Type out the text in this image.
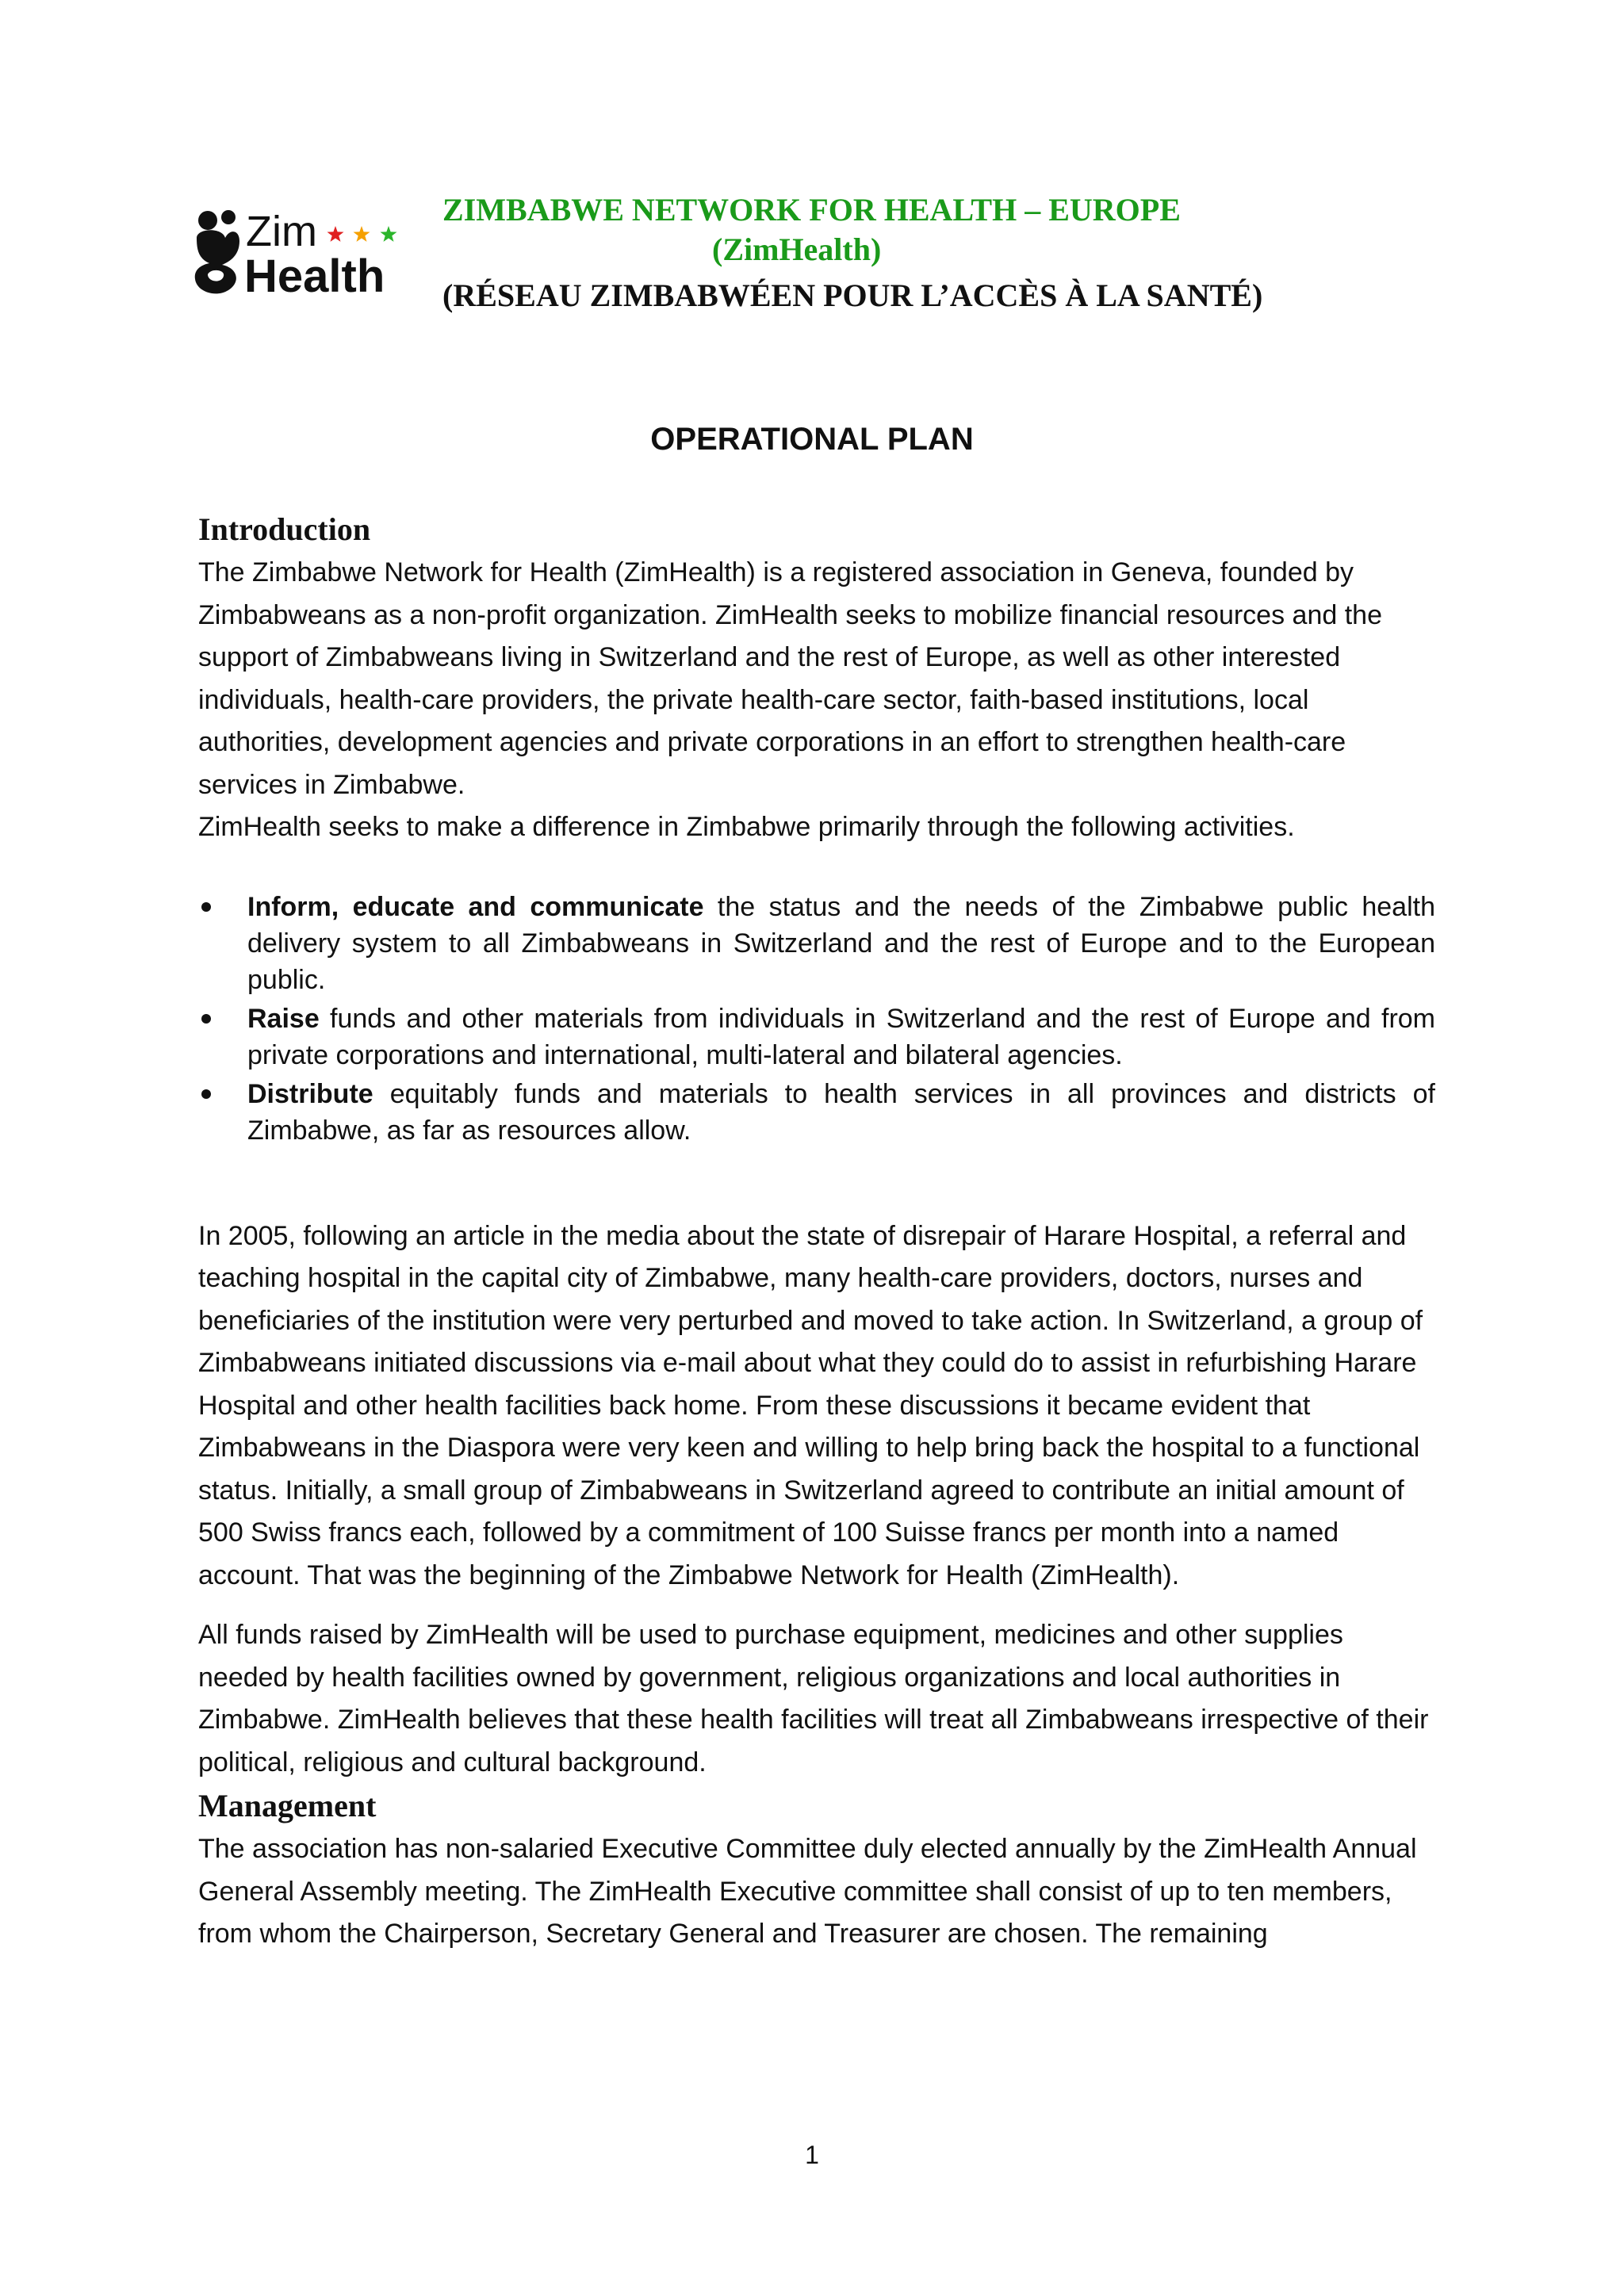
Zim
Health
ZIMBABWE NETWORK FOR HEALTH – EUROPE
(ZimHealth)
(RÉSEAU ZIMBABWÉEN POUR L’ACCÈS À LA SANTÉ)
OPERATIONAL PLAN
Introduction

The Zimbabwe Network for Health (ZimHealth) is a registered association in Geneva, founded by Zimbabweans as a non-profit organization. ZimHealth seeks to mobilize financial resources and the support of Zimbabweans living in Switzerland and the rest of Europe, as well as other interested individuals, health-care providers, the private health-care sector, faith-based institutions, local authorities, development agencies and private corporations in an effort to strengthen health-care services in Zimbabwe.

ZimHealth seeks to make a difference in Zimbabwe primarily through the following activities.

Inform, educate and communicate the status and the needs of the Zimbabwe public health delivery system to all Zimbabweans in Switzerland and the rest of Europe and to the European public.
Raise funds and other materials from individuals in Switzerland and the rest of Europe and from private corporations and international, multi-lateral and bilateral agencies.
Distribute equitably funds and materials to health services in all provinces and districts of Zimbabwe, as far as resources allow.

In 2005, following an article in the media about the state of disrepair of Harare Hospital, a referral and teaching hospital in the capital city of Zimbabwe, many health-care providers, doctors, nurses and beneficiaries of the institution were very perturbed and moved to take action. In Switzerland, a group of Zimbabweans initiated discussions via e-mail about what they could do to assist in refurbishing Harare Hospital and other health facilities back home. From these discussions it became evident that Zimbabweans in the Diaspora were very keen and willing to help bring back the hospital to a functional status. Initially, a small group of Zimbabweans in Switzerland agreed to contribute an initial amount of 500 Swiss francs each, followed by a commitment of 100 Suisse francs per month into a named account. That was the beginning of the Zimbabwe Network for Health (ZimHealth).

All funds raised by ZimHealth will be used to purchase equipment, medicines and other supplies needed by health facilities owned by government, religious organizations and local authorities in Zimbabwe. ZimHealth believes that these health facilities will treat all Zimbabweans irrespective of their political, religious and cultural background.

Management

The association has non-salaried Executive Committee duly elected annually by the ZimHealth Annual General Assembly meeting. The ZimHealth Executive committee shall consist of up to ten members, from whom the Chairperson, Secretary General and Treasurer are chosen. The remaining

1
